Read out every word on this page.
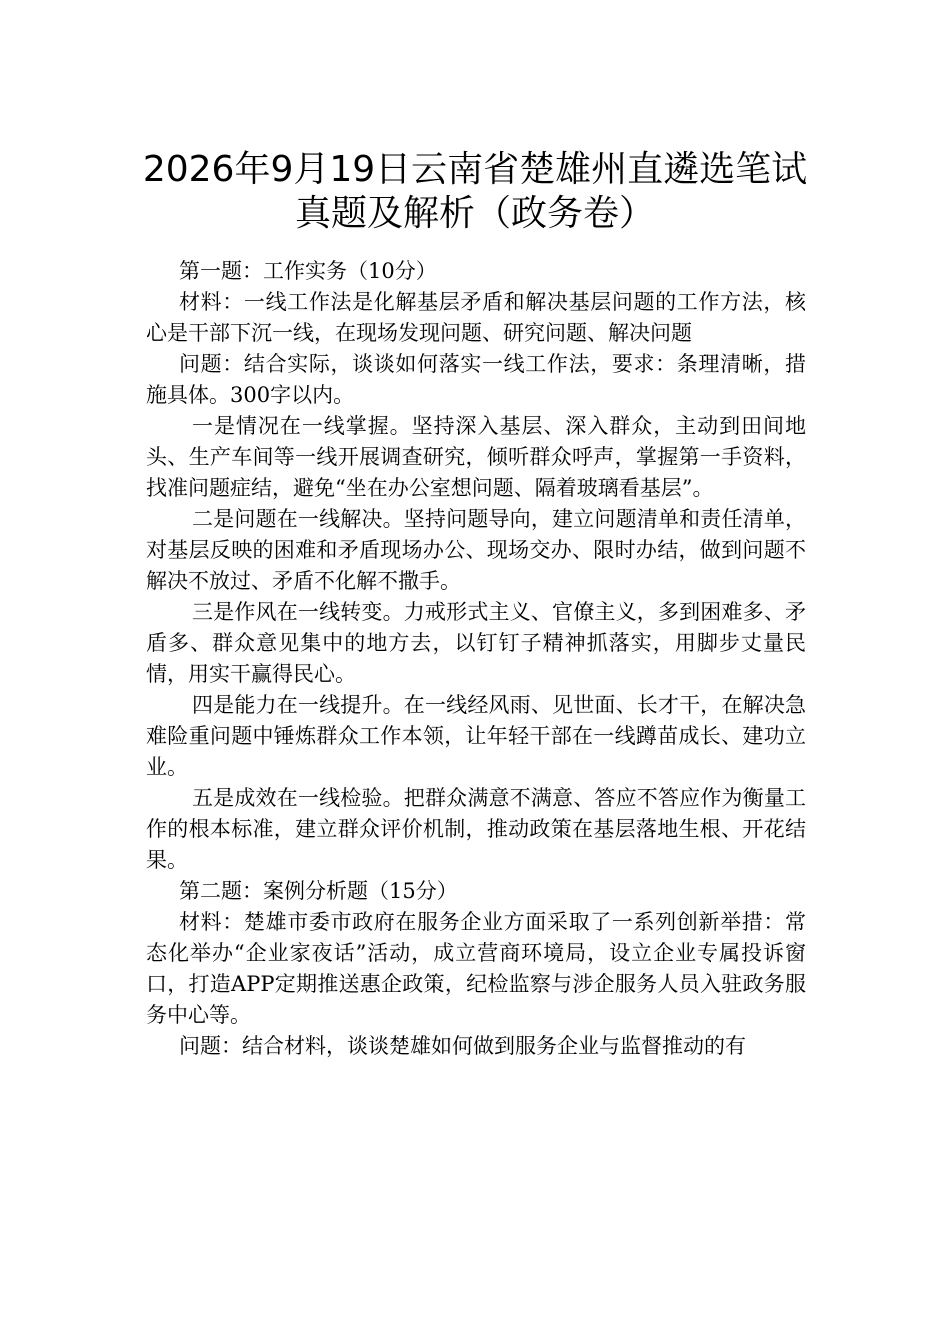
2026年9月19日云南省楚雄州直遴选笔试
真题及解析（政务卷）

第一题：工作实务（10分）

材料：一线工作法是化解基层矛盾和解决基层问题的工作方法，核心是干部下沉一线，在现场发现问题、研究问题、解决问题

问题：结合实际，谈谈如何落实一线工作法，要求：条理清晰，措施具体。300字以内。

一是情况在一线掌握。坚持深入基层、深入群众，主动到田间地头、生产车间等一线开展调查研究，倾听群众呼声，掌握第一手资料，找准问题症结，避免“坐在办公室想问题、隔着玻璃看基层”。

二是问题在一线解决。坚持问题导向，建立问题清单和责任清单，对基层反映的困难和矛盾现场办公、现场交办、限时办结，做到问题不解决不放过、矛盾不化解不撒手。

三是作风在一线转变。力戒形式主义、官僚主义，多到困难多、矛盾多、群众意见集中的地方去，以钉钉子精神抓落实，用脚步丈量民情，用实干赢得民心。

四是能力在一线提升。在一线经风雨、见世面、长才干，在解决急难险重问题中锤炼群众工作本领，让年轻干部在一线蹲苗成长、建功立业。

五是成效在一线检验。把群众满意不满意、答应不答应作为衡量工作的根本标准，建立群众评价机制，推动政策在基层落地生根、开花结果。

第二题：案例分析题（15分）

材料：楚雄市委市政府在服务企业方面采取了一系列创新举措：常态化举办“企业家夜话”活动，成立营商环境局，设立企业专属投诉窗口，打造APP定期推送惠企政策，纪检监察与涉企服务人员入驻政务服务中心等。

问题：结合材料，谈谈楚雄如何做到服务企业与监督推动的有
